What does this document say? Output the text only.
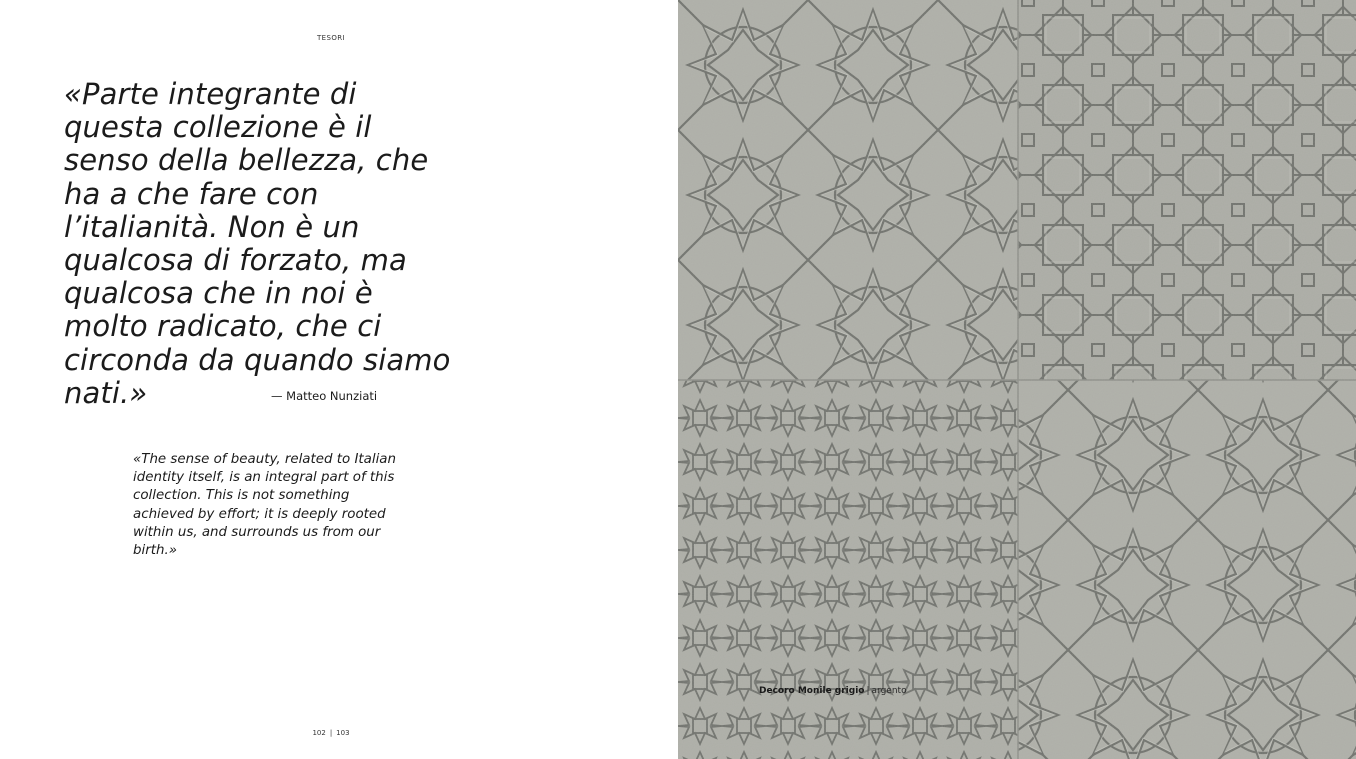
TESORI

«Parte integrante di questa collezione è il senso della bellezza, che ha a che fare con l’italianità. Non è un qualcosa di forzato, ma qualcosa che in noi è molto radicato, che ci circonda da quando siamo nati.»	— Matteo Nunziati

«The sense of beauty, related to Italian identity itself, is an integral part of this collection. This is not something achieved by effort; it is deeply rooted within us, and surrounds us from our birth.»

102 | 103
Decoro Monile grigio | argento
